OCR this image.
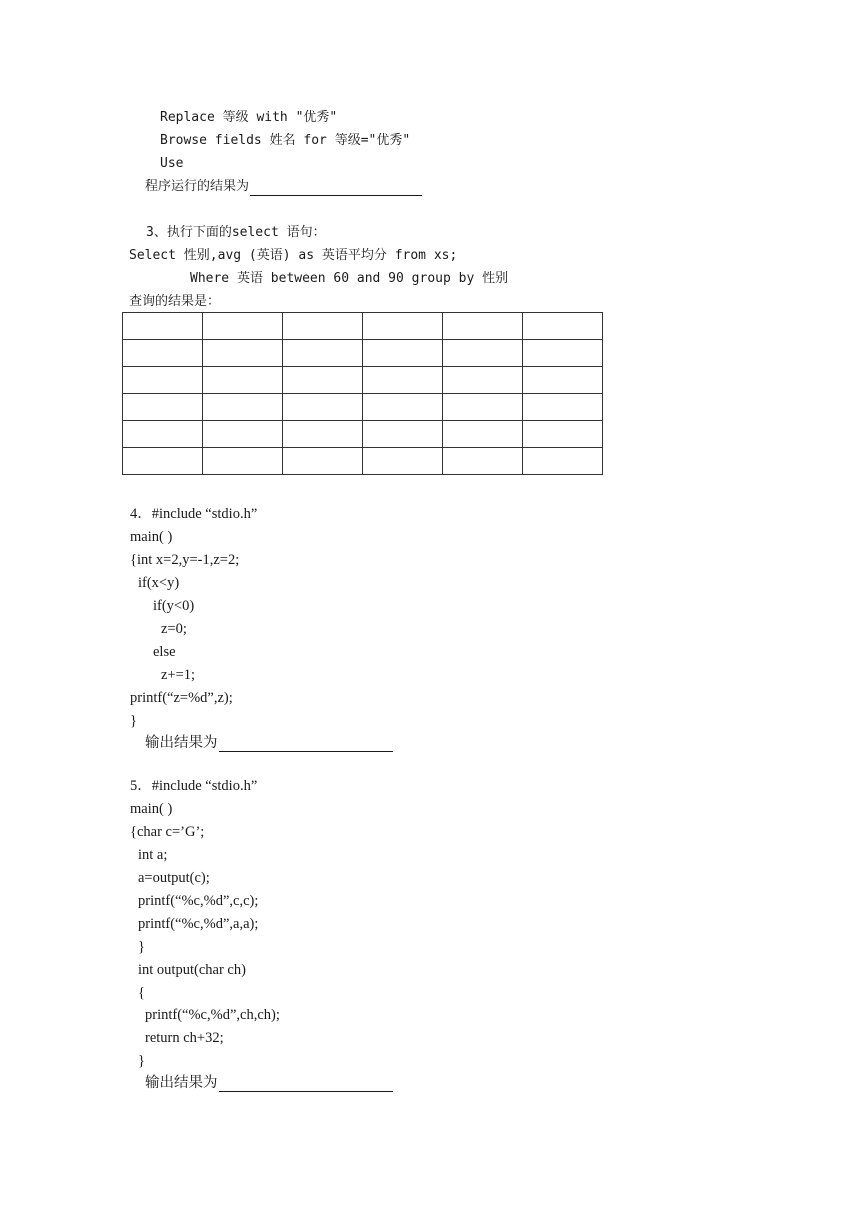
Replace 等级 with "优秀"
Browse fields 姓名 for 等级="优秀"
Use
程序运行的结果为
3、执行下面的select 语句：
Select 性别,avg (英语) as 英语平均分 from xs;
Where 英语 between 60 and 90 group by 性别
查询的结果是：

4．#include “stdio.h”
main( )
{int x=2,y=-1,z=2;
if(x<y)
if(y<0)
z=0;
else
z+=1;
printf(“z=%d”,z);
}
输出结果为
5．#include “stdio.h”
main( )
{char c=’G’;
int a;
a=output(c);
printf(“%c,%d”,c,c);
printf(“%c,%d”,a,a);
}
int output(char ch)
{
printf(“%c,%d”,ch,ch);
return ch+32;
}
输出结果为
